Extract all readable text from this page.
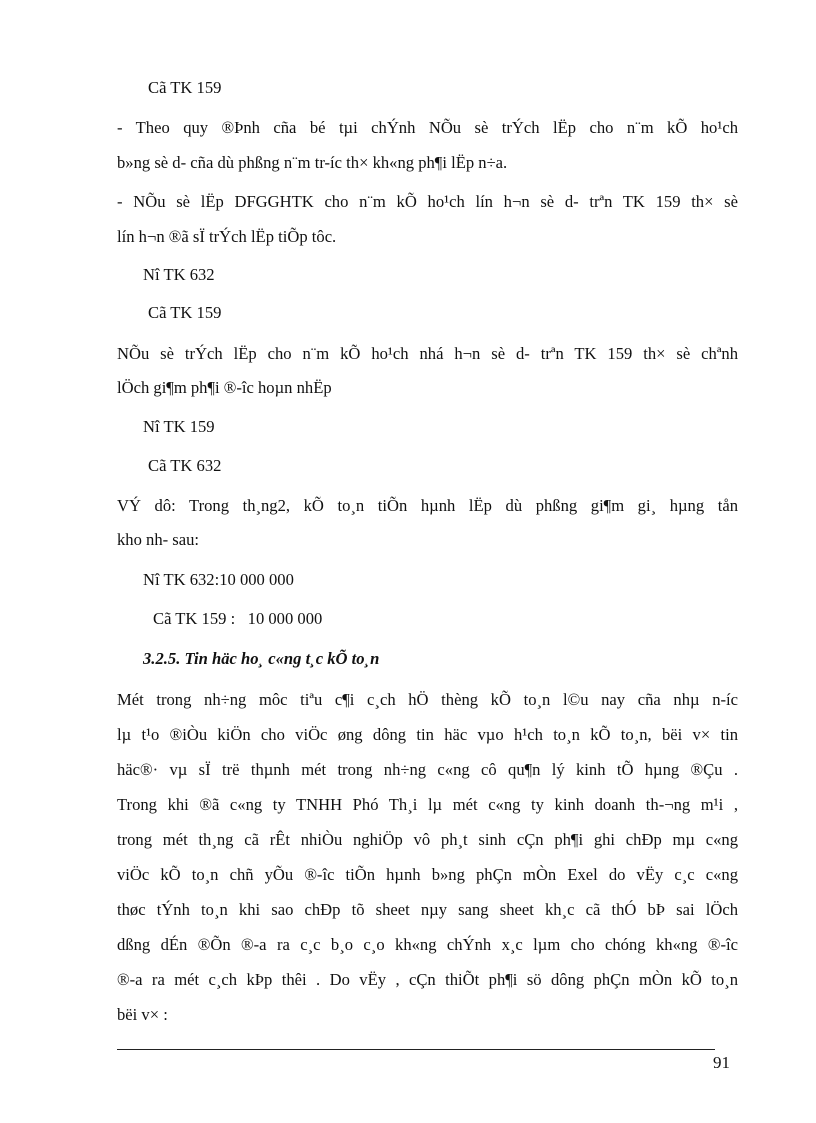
Cã TK 159
- Theo quy ®Þnh cña bé tµi chÝnh NÕu sè trÝch lËp cho n¨m kÕ ho¹ch
b»ng sè d- cña dù phßng n¨m tr-íc th× kh«ng ph¶i lËp n÷a.
- NÕu sè lËp DFGGHTK cho n¨m kÕ ho¹ch lín h¬n sè d- trªn TK 159 th× sè
lín h¬n ®ã sÏ trÝch lËp tiÕp tôc.
Nî TK 632
Cã TK 159
NÕu sè trÝch lËp cho n¨m kÕ ho¹ch nhá h¬n sè d- trªn TK 159 th× sè chªnh
lÖch gi¶m ph¶i ®-îc hoµn nhËp
Nî TK 159
Cã TK 632
VÝ dô: Trong th¸ng2, kÕ to¸n tiÕn hµnh lËp dù phßng gi¶m gi¸ hµng tån
kho nh- sau:
Nî TK 632:10 000 000
Cã TK 159 :   10 000 000
3.2.5. Tin häc ho¸ c«ng t¸c kÕ to¸n
Mét trong nh÷ng môc tiªu c¶i c¸ch hÖ thèng kÕ to¸n l©u nay cña nhµ n-íc
lµ t¹o ®iÒu kiÖn cho viÖc øng dông tin häc vµo h¹ch to¸n kÕ to¸n, bëi v× tin
häc®· vµ sÏ trë thµnh mét trong nh÷ng c«ng cô qu¶n lý kinh tÕ hµng ®Çu .
Trong khi ®ã c«ng ty TNHH Phó Th¸i lµ mét c«ng ty kinh doanh th-¬ng m¹i ,
trong mét th¸ng cã rÊt nhiÒu nghiÖp vô ph¸t sinh cÇn ph¶i ghi chÐp mµ c«ng
viÖc kÕ to¸n chñ yÕu ®-îc tiÕn hµnh b»ng phÇn mÒn Exel do vËy c¸c c«ng
thøc tÝnh to¸n khi sao chÐp tõ sheet nµy sang sheet kh¸c cã thÓ bÞ sai lÖch
dßng dÉn ®Õn ®-a ra c¸c b¸o c¸o kh«ng chÝnh x¸c lµm cho chóng kh«ng ®-îc
®-a ra mét c¸ch kÞp thêi . Do vËy , cÇn thiÕt ph¶i sö dông phÇn mÒn kÕ to¸n
bëi v× :
91
